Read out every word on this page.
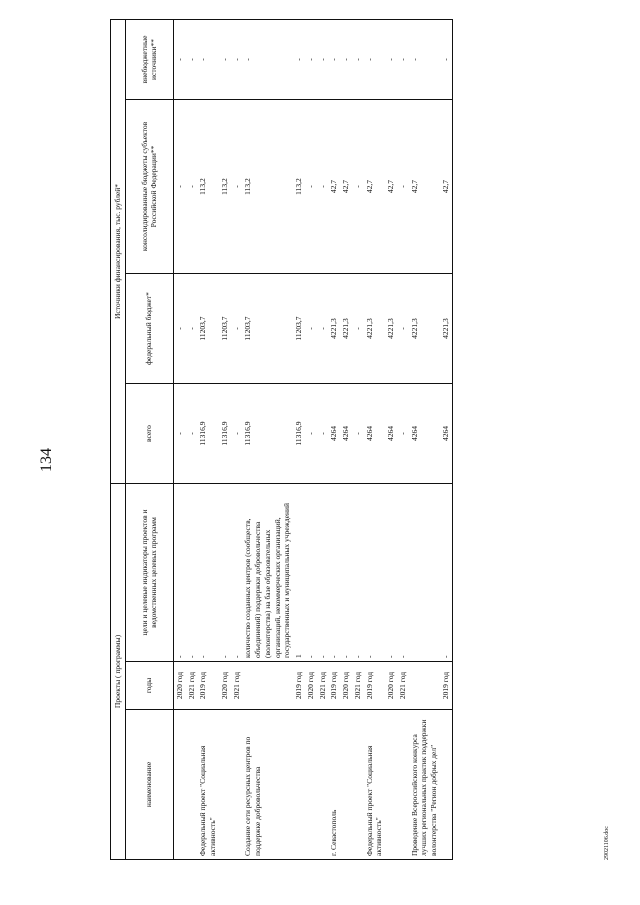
134
Проекты ( программы)			Источники финансирования, тыс. рублей*			
наименование	годы	цели и целевые индикаторы проектов и ведомственных целевых программ	всего	федеральный бюджет*	консолидированные бюджеты субъектов Российской Федерации**	внебюджетные источники**
	2020 год	-	-	-	-	-
	2021 год	-	-	-	-	-
Федеральный проект "Социальная активность"	2019 год	-	11316,9	11203,7	113,2	-
	2020 год	-	11316,9	11203,7	113,2	-
	2021 год	-	-	-	-	-
Создание сети ресурсных центров по поддержке добровольчества		количество созданных центров (сообществ, объединений) поддержки добровольчества (волонтерства) на базе образовательных организаций, некоммерческих организаций, государственных и муниципальных учреждений	11316,9	11203,7	113,2	-
	2019 год	1	11316,9	11203,7	113,2	-
	2020 год	-	-	-	-	-
	2021 год	-	-	-	-	-
г. Севастополь	2019 год	-	4264	4221,3	42,7	-
	2020 год	-	4264	4221,3	42,7	-
	2021 год	-	-	-	-	-
Федеральный проект "Социальная активность"	2019 год	-	4264	4221,3	42,7	-
	2020 год	-	4264	4221,3	42,7	-
	2021 год	-	-	-	-	-
Проведение Всероссийского конкурса лучших региональных практик поддержки волонтерства "Регион добрых дел"			4264	4221,3	42,7	-
	2019 год	-	4264	4221,3	42,7	-
29021106.doc
